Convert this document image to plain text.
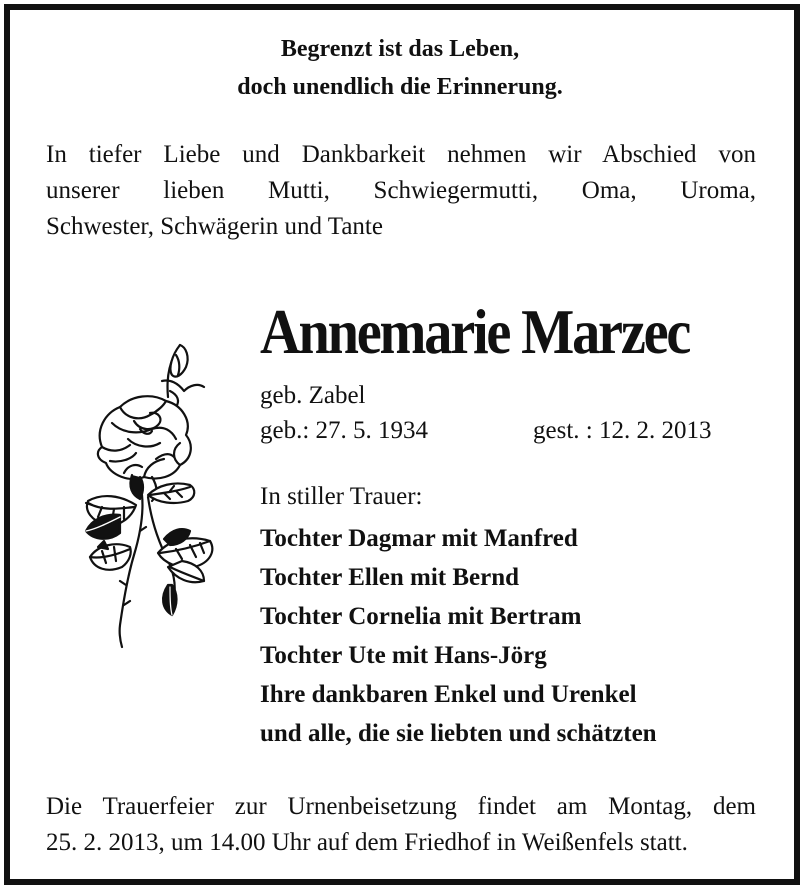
Begrenzt ist das Leben,
doch unendlich die Erinnerung.
In tiefer Liebe und Dankbarkeit nehmen wir Abschied von
unserer lieben Mutti, Schwiegermutti, Oma, Uroma,
Schwester, Schwägerin und Tante
Annemarie Marzec
geb. Zabel
geb.: 27. 5. 1934	gest. : 12. 2. 2013
In stiller Trauer:
Tochter Dagmar mit Manfred
Tochter Ellen mit Bernd
Tochter Cornelia mit Bertram
Tochter Ute mit Hans-Jörg
Ihre dankbaren Enkel und Urenkel
und alle, die sie liebten und schätzten
Die Trauerfeier zur Urnenbeisetzung findet am Montag, dem
25. 2. 2013, um 14.00 Uhr auf dem Friedhof in Weißenfels statt.
